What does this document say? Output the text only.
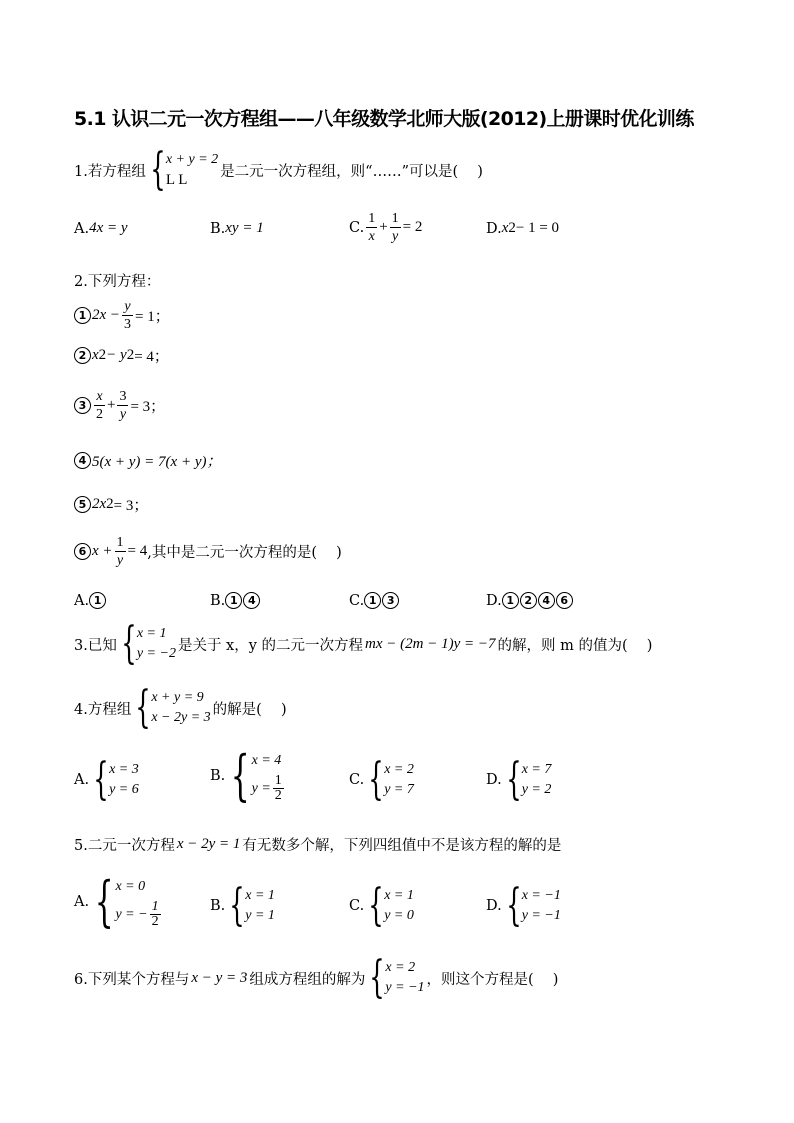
5.1 认识二元一次方程组——八年级数学北师大版(2012)上册课时优化训练
1.若方程组 { x + y = 2
L L
是二元一次方程组，则“……”可以是(　 )
A. 4x = y	B. xy = 1	C. $\frac{1}{x} + \frac{1}{y} = 2$	D. x 2 − 1 = 0
2.下列方程：
1 $2x - \frac{y}{3} = 1$；
2 x 2 − y 2 = 4；
$3 \frac{x}{2} + \frac{3}{y} = 3$；
4 5(x + y) = 7(x + y)；
5 2x 2 = 3；
6 $x + \frac{1}{y} = 4$ ,其中是二元一次方程的是(　 )
A. 1	B. 1 4	C. 1 3	D. 1 2 4 6
3.已知 { x = 1
y = −2 是关于 x，y 的二元一次方程 mx − (2m − 1)y = −7 的解，则 m 的值为(　 )
4.方程组 { x + y = 9
x − 2y = 3 的解是(　 )
A. { x = 3
y = 6
B. { x = 4
$y = \frac{1}{2}$	C. { x = 2
y = 7
D. { x = 7
y = 2
5.二元一次方程 x − 2y = 1 有无数多个解，下列四组值中不是该方程的解的是
A. { x = 0
y = − $\frac{1}{2}$	B. { x = 1
y = 1
C. { x = 1
y = 0
D. { x = −1
y = −1
6.下列某个方程与 x − y = 3 组成方程组的解为 { x = 2
y = −1 ，则这个方程是(　 )
